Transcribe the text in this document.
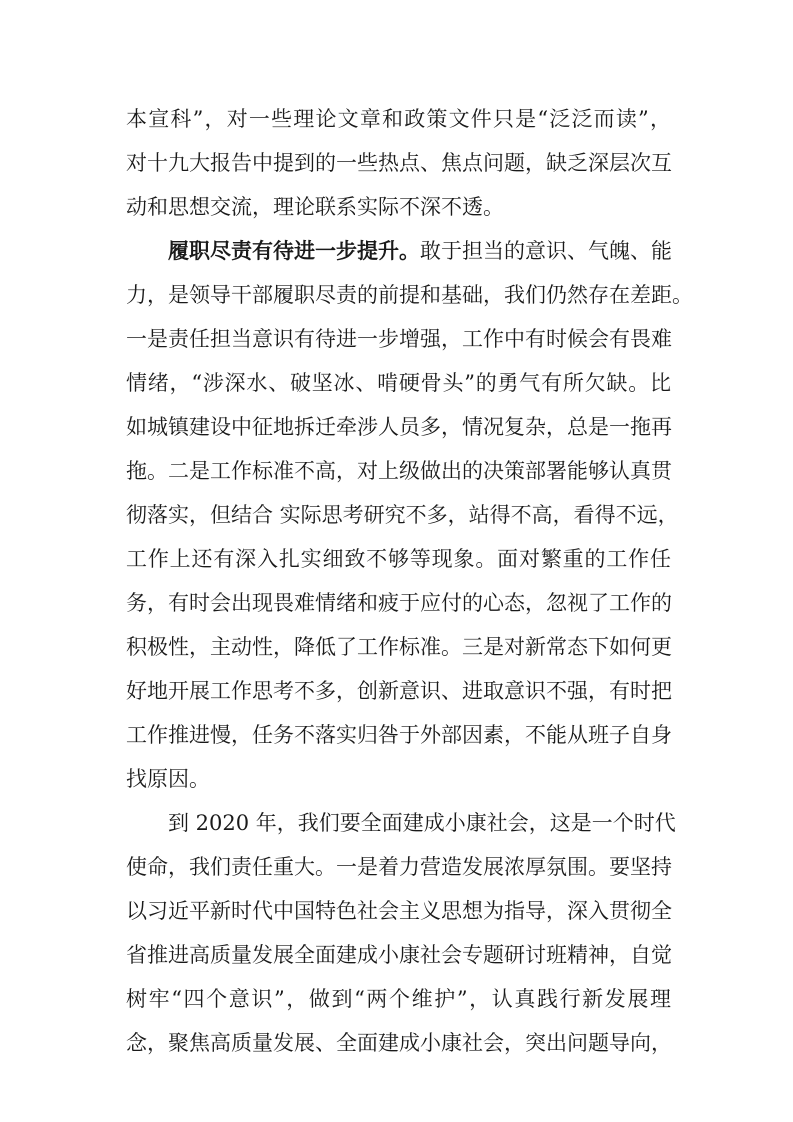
本宣科”，对一些理论文章和政策文件只是“泛泛而读”，
对十九大报告中提到的一些热点、焦点问题，缺乏深层次互
动和思想交流，理论联系实际不深不透。
履职尽责有待进一步提升。敢于担当的意识、气魄、能
力，是领导干部履职尽责的前提和基础，我们仍然存在差距。
一是责任担当意识有待进一步增强，工作中有时候会有畏难
情绪，“涉深水、破坚冰、啃硬骨头”的勇气有所欠缺。比
如城镇建设中征地拆迁牵涉人员多，情况复杂，总是一拖再
拖。二是工作标准不高，对上级做出的决策部署能够认真贯
彻落实，但结合 实际思考研究不多，站得不高，看得不远，
工作上还有深入扎实细致不够等现象。面对繁重的工作任
务，有时会出现畏难情绪和疲于应付的心态，忽视了工作的
积极性，主动性，降低了工作标准。三是对新常态下如何更
好地开展工作思考不多，创新意识、进取意识不强，有时把
工作推进慢，任务不落实归咎于外部因素，不能从班子自身
找原因。
到 2020 年，我们要全面建成小康社会，这是一个时代
使命，我们责任重大。一是着力营造发展浓厚氛围。要坚持
以习近平新时代中国特色社会主义思想为指导，深入贯彻全
省推进高质量发展全面建成小康社会专题研讨班精神，自觉
树牢“四个意识”，做到“两个维护”，认真践行新发展理
念，聚焦高质量发展、全面建成小康社会，突出问题导向，
